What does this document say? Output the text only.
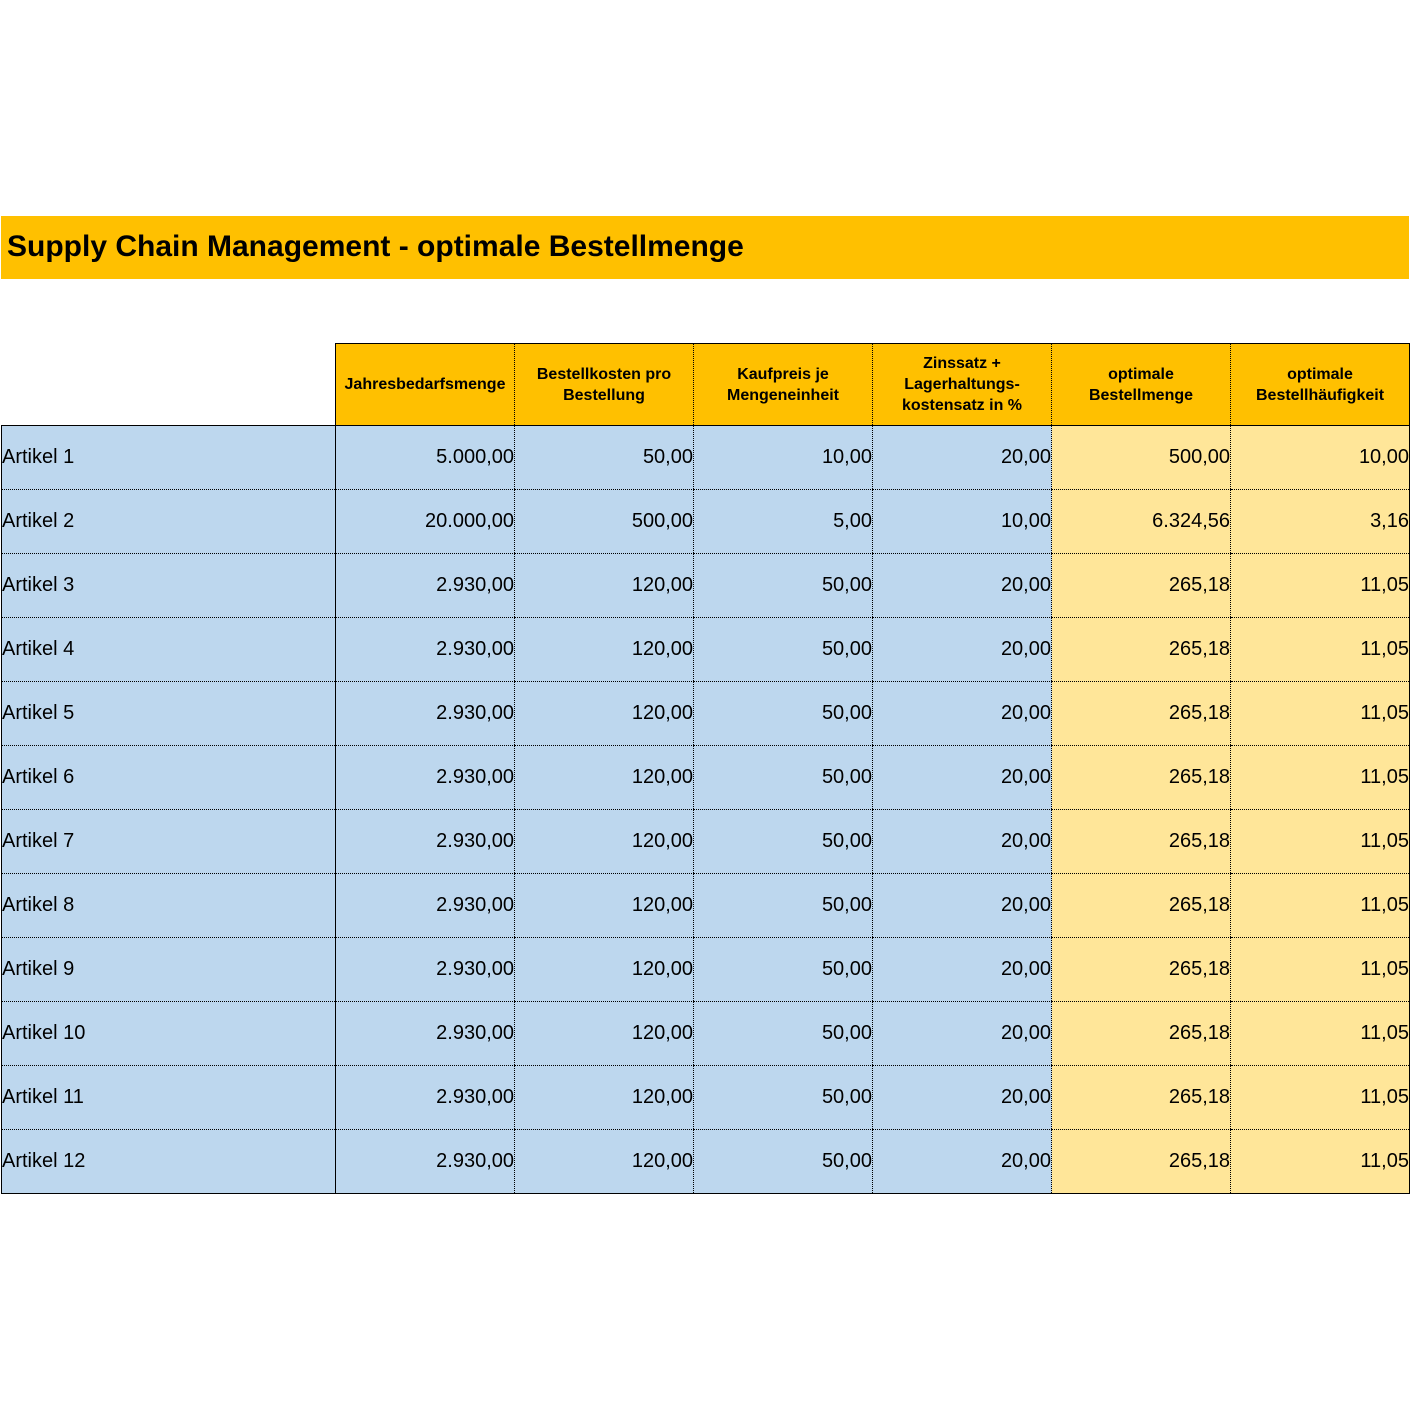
Supply Chain Management - optimale Bestellmenge
	Jahresbedarfsmenge	Bestellkosten pro Bestellung	Kaufpreis je Mengeneinheit	Zinssatz + Lagerhaltungs-kostensatz in %	optimale Bestellmenge	optimale Bestellhäufigkeit
Artikel 1	5.000,00	50,00	10,00	20,00	500,00	10,00
Artikel 2	20.000,00	500,00	5,00	10,00	6.324,56	3,16
Artikel 3	2.930,00	120,00	50,00	20,00	265,18	11,05
Artikel 4	2.930,00	120,00	50,00	20,00	265,18	11,05
Artikel 5	2.930,00	120,00	50,00	20,00	265,18	11,05
Artikel 6	2.930,00	120,00	50,00	20,00	265,18	11,05
Artikel 7	2.930,00	120,00	50,00	20,00	265,18	11,05
Artikel 8	2.930,00	120,00	50,00	20,00	265,18	11,05
Artikel 9	2.930,00	120,00	50,00	20,00	265,18	11,05
Artikel 10	2.930,00	120,00	50,00	20,00	265,18	11,05
Artikel 11	2.930,00	120,00	50,00	20,00	265,18	11,05
Artikel 12	2.930,00	120,00	50,00	20,00	265,18	11,05
